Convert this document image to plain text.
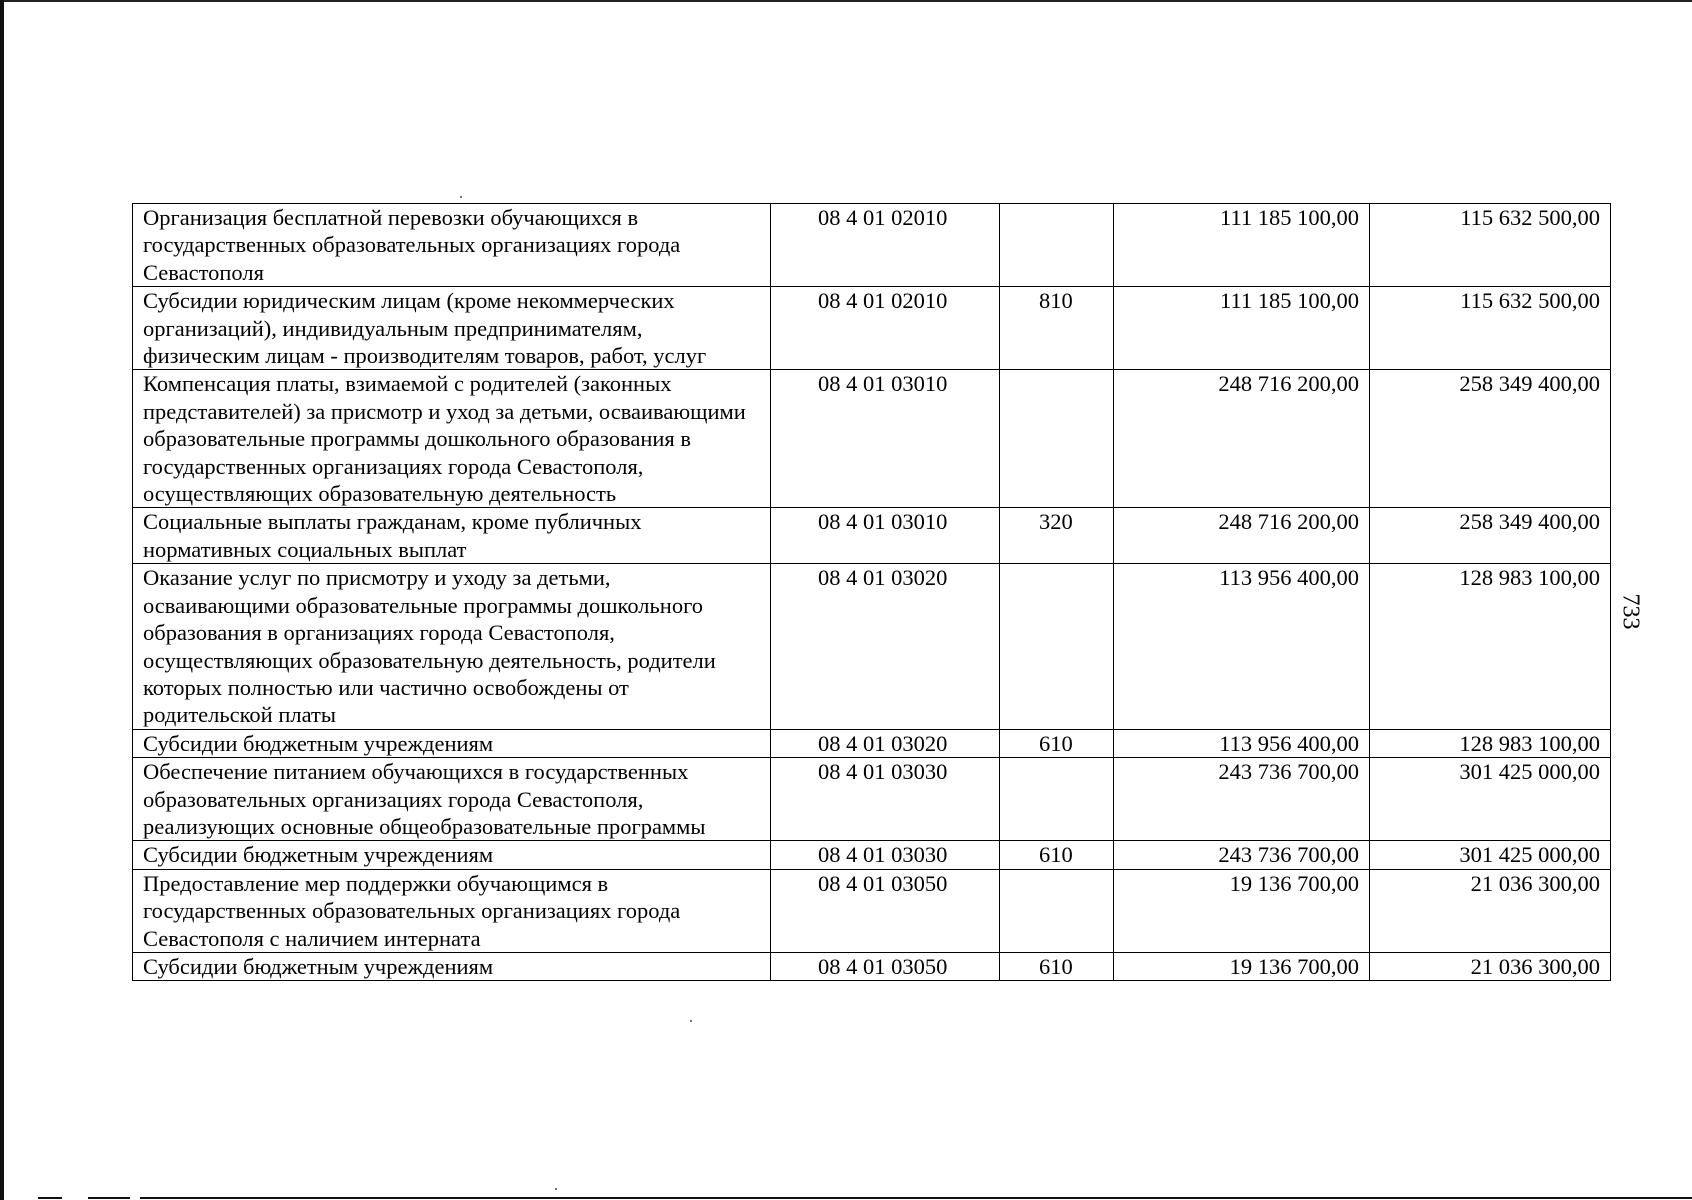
Организация бесплатной перевозки обучающихся в государственных образовательных организациях города Севастополя	08 4 01 02010		111 185 100,00	115 632 500,00
Субсидии юридическим лицам (кроме некоммерческих организаций), индивидуальным предпринимателям, физическим лицам - производителям товаров, работ, услуг	08 4 01 02010	810	111 185 100,00	115 632 500,00
Компенсация платы, взимаемой с родителей (законных представителей) за присмотр и уход за детьми, осваивающими образовательные программы дошкольного образования в государственных организациях города Севастополя, осуществляющих образовательную деятельность	08 4 01 03010		248 716 200,00	258 349 400,00
Социальные выплаты гражданам, кроме публичных нормативных социальных выплат	08 4 01 03010	320	248 716 200,00	258 349 400,00
Оказание услуг по присмотру и уходу за детьми, осваивающими образовательные программы дошкольного образования в организациях города Севастополя, осуществляющих образовательную деятельность, родители которых полностью или частично освобождены от родительской платы	08 4 01 03020		113 956 400,00	128 983 100,00
Субсидии бюджетным учреждениям	08 4 01 03020	610	113 956 400,00	128 983 100,00
Обеспечение питанием обучающихся в государственных образовательных организациях города Севастополя, реализующих основные общеобразовательные программы	08 4 01 03030		243 736 700,00	301 425 000,00
Субсидии бюджетным учреждениям	08 4 01 03030	610	243 736 700,00	301 425 000,00
Предоставление мер поддержки обучающимся в государственных образовательных организациях города Севастополя с наличием интерната	08 4 01 03050		19 136 700,00	21 036 300,00
Субсидии бюджетным учреждениям	08 4 01 03050	610	19 136 700,00	21 036 300,00
733
